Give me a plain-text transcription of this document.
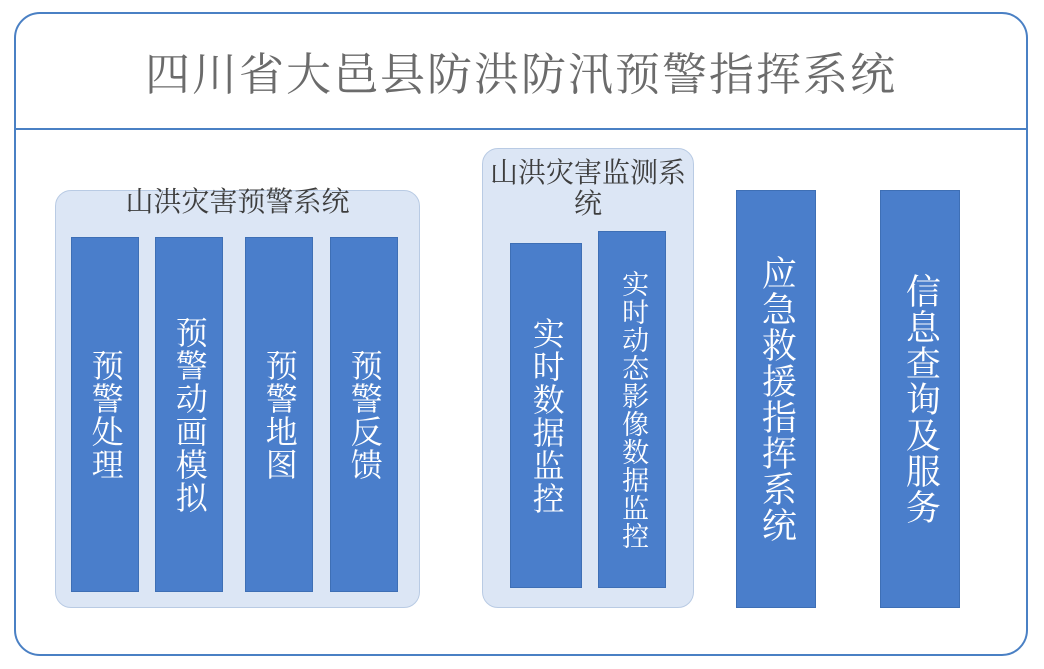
四川省大邑县防洪防汛预警指挥系统
山洪灾害预警系统
预警处理 预警动画模拟 预警地图 预警反馈
山洪灾害监测系统
实时数据监控 实时动态影像数据监控	应急救援指挥系统	信息查询及服务
